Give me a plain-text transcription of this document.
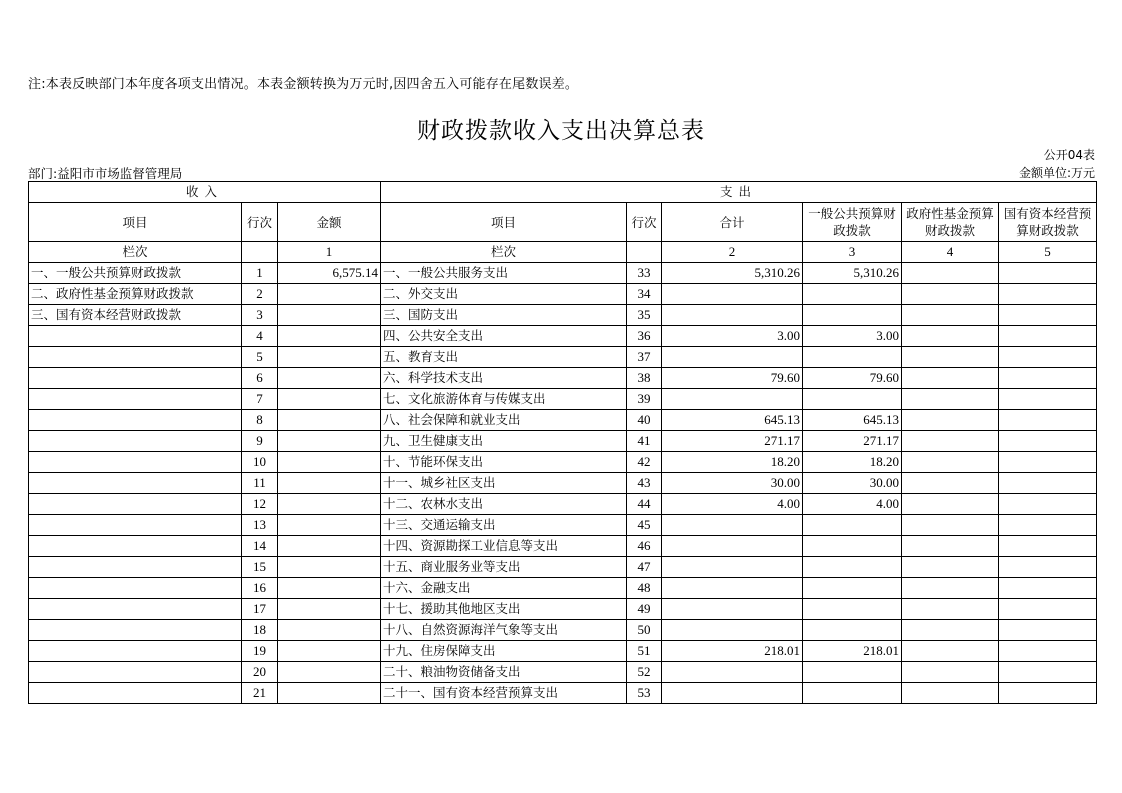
注:本表反映部门本年度各项支出情况。本表金额转换为万元时,因四舍五入可能存在尾数误差。
财政拨款收入支出决算总表
公开04表
部门:益阳市市场监督管理局	金额单位:万元
收入			支出					
项目	行次	金额	项目	行次	合计	一般公共预算财政拨款	政府性基金预算财政拨款	国有资本经营预算财政拨款
栏次		1	栏次		2	3	4	5
一、一般公共预算财政拨款	1	6,575.14	一、一般公共服务支出	33	5,310.26	5,310.26		
二、政府性基金预算财政拨款	2		二、外交支出	34				
三、国有资本经营财政拨款	3		三、国防支出	35				
	4		四、公共安全支出	36	3.00	3.00		
	5		五、教育支出	37				
	6		六、科学技术支出	38	79.60	79.60		
	7		七、文化旅游体育与传媒支出	39				
	8		八、社会保障和就业支出	40	645.13	645.13		
	9		九、卫生健康支出	41	271.17	271.17		
	10		十、节能环保支出	42	18.20	18.20		
	11		十一、城乡社区支出	43	30.00	30.00		
	12		十二、农林水支出	44	4.00	4.00		
	13		十三、交通运输支出	45				
	14		十四、资源勘探工业信息等支出	46				
	15		十五、商业服务业等支出	47				
	16		十六、金融支出	48				
	17		十七、援助其他地区支出	49				
	18		十八、自然资源海洋气象等支出	50				
	19		十九、住房保障支出	51	218.01	218.01		
	20		二十、粮油物资储备支出	52				
	21		二十一、国有资本经营预算支出	53				
